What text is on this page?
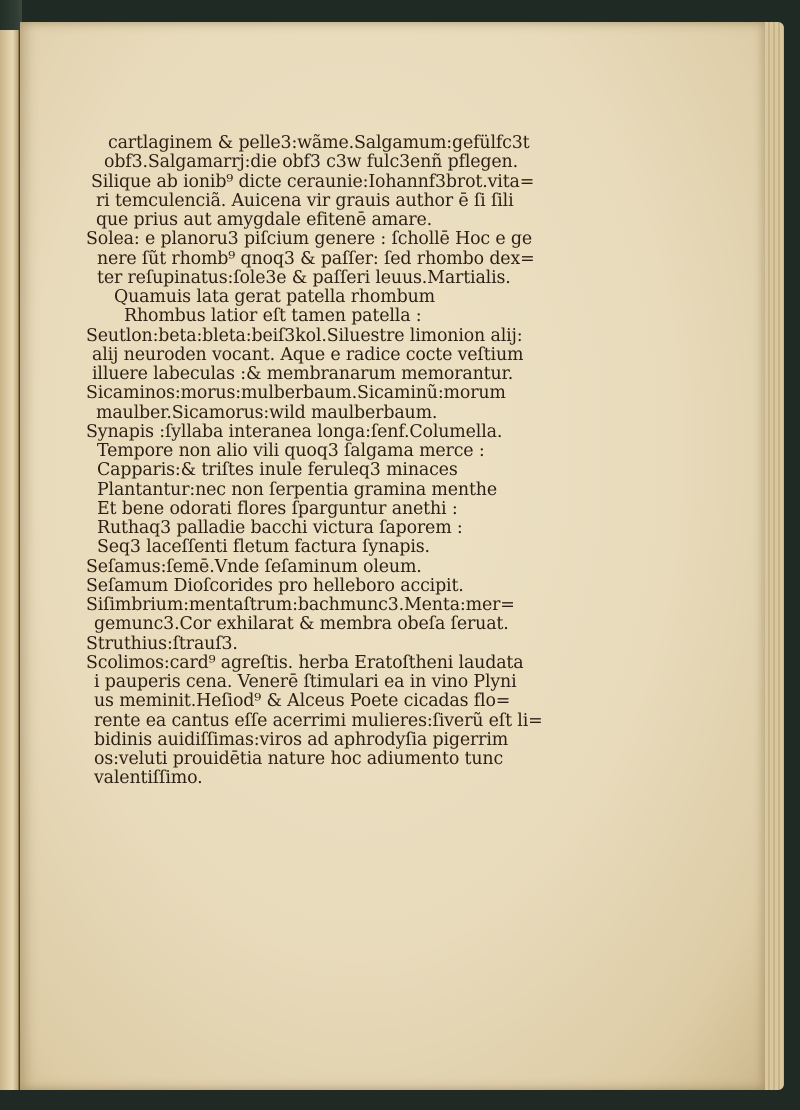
cartlaginem & pelle3:wãme.Salgamum:gefülfc3t
obf3.Salgamarrj:die obf3 c3w fulc3enñ pflegen.
Silique ab ionib⁹ dicte ceraunie:Iohannf3brot.vita=
ri temculenciã. Auicena vir grauis author ē ſi ſili
que prius aut amygdale efitenē amare.
Solea: e planoru3 piſcium genere : ſchollē Hoc e ge
nere ſũt rhomb⁹ qnoq3 & paſſer: ſed rhombo dex=
ter reſupinatus:ſole3e & paſſeri leuus.Martialis.
Quamuis lata gerat patella rhombum
Rhombus latior eſt tamen patella :
Seutlon:beta:bleta:beiſ3kol.Siluestre limonion alij:
alij neuroden vocant. Aque e radice cocte veſtium
illuere labeculas :& membranarum memorantur.
Sicaminos:morus:mulberbaum.Sicaminũ:morum
maulber.Sicamorus:wild maulberbaum.
Synapis :ſyllaba interanea longa:ſenf.Columella.
Tempore non alio vili quoq3 ſalgama merce :
Capparis:& triſtes inule feruleq3 minaces
Plantantur:nec non ſerpentia gramina menthe
Et bene odorati flores ſparguntur anethi :
Ruthaq3 palladie bacchi victura ſaporem :
Seq3 laceſſenti fletum factura ſynapis.
Seſamus:ſemē.Vnde ſeſaminum oleum.
Seſamum Dioſcorides pro helleboro accipit.
Siſimbrium:mentaſtrum:bachmunc3.Menta:mer=
gemunc3.Cor exhilarat & membra obeſa ſeruat.
Struthius:ſtrauſ3.
Scolimos:card⁹ agreſtis. herba Eratoſtheni laudata
i pauperis cena. Venerē ſtimulari ea in vino Plyni
us meminit.Heſiod⁹ & Alceus Poete cicadas flo=
rente ea cantus eſſe acerrimi mulieres:ſiverũ eſt li=
bidinis auidiſſimas:viros ad aphrodyſia pigerrim
os:veluti prouidētia nature hoc adiumento tunc
valentiſſimo.
